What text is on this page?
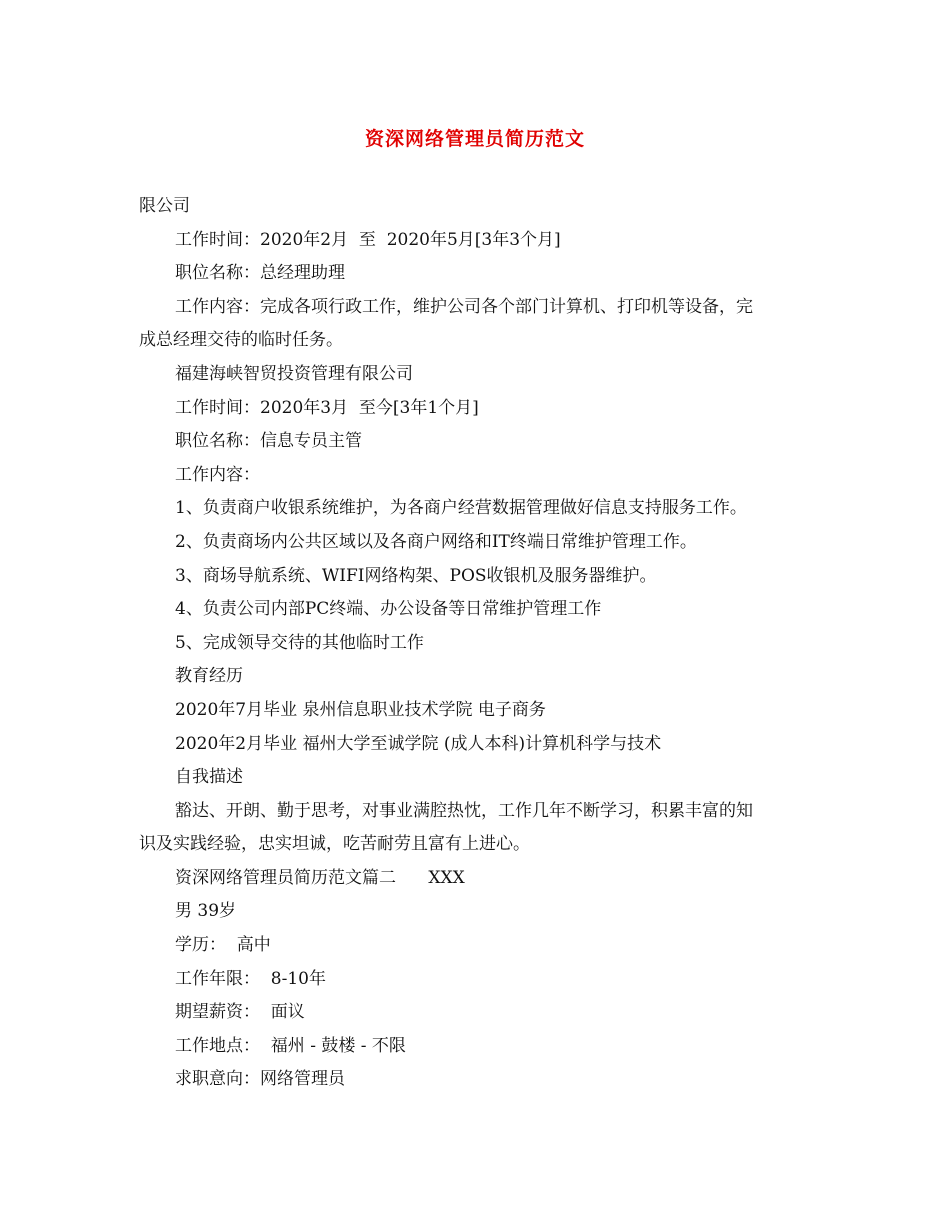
资深网络管理员简历范文

限公司

工作时间：2020年2月  至  2020年5月[3年3个月]

职位名称：总经理助理

工作内容：完成各项行政工作，维护公司各个部门计算机、打印机等设备，完

成总经理交待的临时任务。

福建海峡智贸投资管理有限公司

工作时间：2020年3月  至今[3年1个月]

职位名称：信息专员主管

工作内容：

1、负责商户收银系统维护，为各商户经营数据管理做好信息支持服务工作。

2、负责商场内公共区域以及各商户网络和IT终端日常维护管理工作。

3、商场导航系统、WIFI网络构架、POS收银机及服务器维护。

4、负责公司内部PC终端、办公设备等日常维护管理工作

5、完成领导交待的其他临时工作

教育经历

2020年7月毕业 泉州信息职业技术学院 电子商务

2020年2月毕业 福州大学至诚学院 (成人本科)计算机科学与技术

自我描述

豁达、开朗、勤于思考，对事业满腔热忱，工作几年不断学习，积累丰富的知

识及实践经验，忠实坦诚，吃苦耐劳且富有上进心。

资深网络管理员简历范文篇二      XXX

男 39岁

学历：  高中

工作年限：  8-10年

期望薪资：  面议

工作地点：  福州 - 鼓楼 - 不限

求职意向：网络管理员
